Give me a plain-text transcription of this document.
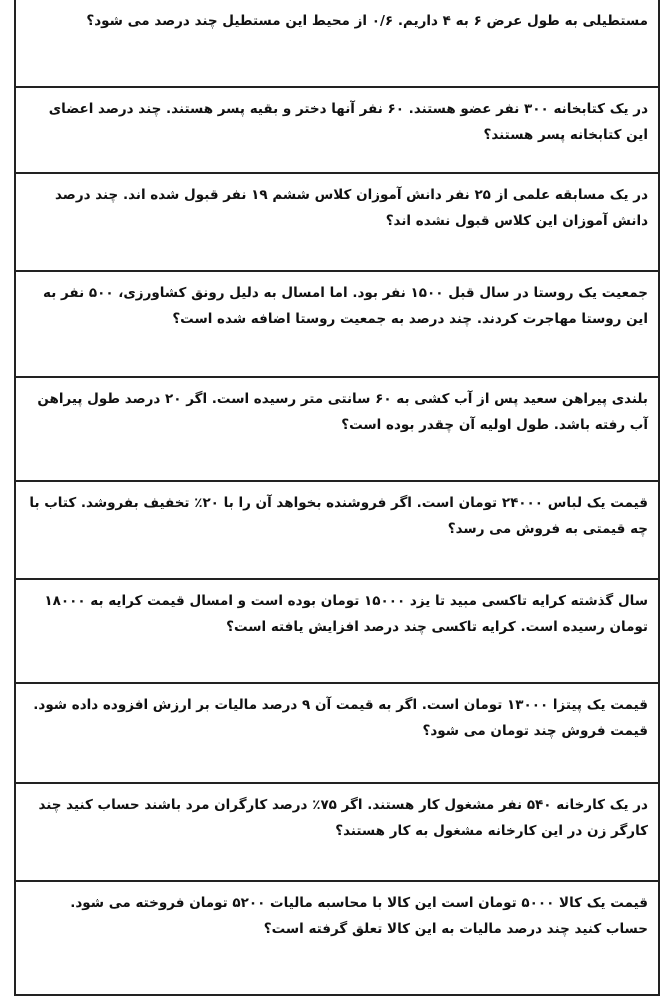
مستطیلی به طول عرض ۶ به ۴ داریم. ۰/۶ از محیط این مستطیل چند درصد می شود؟
در یک کتابخانه ۳۰۰ نفر عضو هستند. ۶۰ نفر آنها دختر و بقیه پسر هستند. چند درصد اعضای این کتابخانه پسر هستند؟
در یک مسابقه علمی از ۲۵ نفر دانش آموزان کلاس ششم ۱۹ نفر قبول شده اند. چند درصد دانش آموزان این کلاس قبول نشده اند؟
جمعیت یک روستا در سال قبل ۱۵۰۰ نفر بود. اما امسال به دلیل رونق کشاورزی، ۵۰۰ نفر به این روستا مهاجرت کردند. چند درصد به جمعیت روستا اضافه شده است؟
بلندی پیراهن سعید پس از آب کشی به ۶۰ سانتی متر رسیده است. اگر ۲۰ درصد طول پیراهن آب رفته باشد. طول اولیه آن چقدر بوده است؟
قیمت یک لباس ۲۴۰۰۰ تومان است. اگر فروشنده بخواهد آن را با ۲۰٪ تخفیف بفروشد. کتاب با چه قیمتی به فروش می رسد؟
سال گذشته کرایه تاکسی مبید تا یزد ۱۵۰۰۰ تومان بوده است و امسال قیمت کرایه به ۱۸۰۰۰ تومان رسیده است. کرایه تاکسی چند درصد افزایش یافته است؟
قیمت یک پیتزا ۱۳۰۰۰ تومان است. اگر به قیمت آن ۹ درصد مالیات بر ارزش افزوده داده شود. قیمت فروش چند تومان می شود؟
در یک کارخانه ۵۴۰ نفر مشغول کار هستند. اگر ۷۵٪ درصد کارگران مرد باشند حساب کنید چند کارگر زن در این کارخانه مشغول به کار هستند؟
قیمت یک کالا ۵۰۰۰ تومان است این کالا با محاسبه مالیات ۵۲۰۰ تومان فروخته می شود. حساب کنید چند درصد مالیات به این کالا تعلق گرفته است؟
